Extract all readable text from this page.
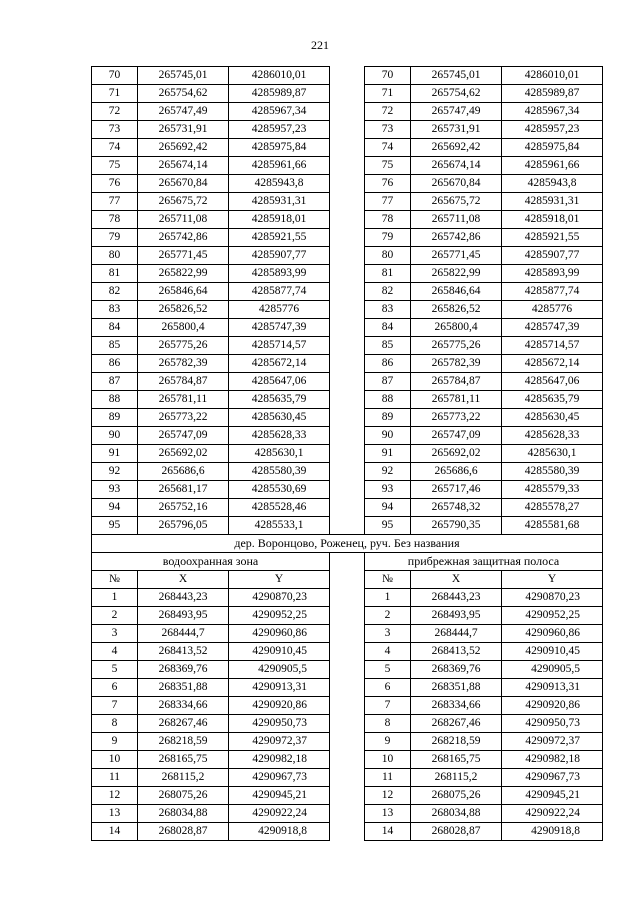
221
70	265745,01	4286010,01		70	265745,01	4286010,01
71	265754,62	4285989,87		71	265754,62	4285989,87
72	265747,49	4285967,34		72	265747,49	4285967,34
73	265731,91	4285957,23		73	265731,91	4285957,23
74	265692,42	4285975,84		74	265692,42	4285975,84
75	265674,14	4285961,66		75	265674,14	4285961,66
76	265670,84	4285943,8		76	265670,84	4285943,8
77	265675,72	4285931,31		77	265675,72	4285931,31
78	265711,08	4285918,01		78	265711,08	4285918,01
79	265742,86	4285921,55		79	265742,86	4285921,55
80	265771,45	4285907,77		80	265771,45	4285907,77
81	265822,99	4285893,99		81	265822,99	4285893,99
82	265846,64	4285877,74		82	265846,64	4285877,74
83	265826,52	4285776		83	265826,52	4285776
84	265800,4	4285747,39		84	265800,4	4285747,39
85	265775,26	4285714,57		85	265775,26	4285714,57
86	265782,39	4285672,14		86	265782,39	4285672,14
87	265784,87	4285647,06		87	265784,87	4285647,06
88	265781,11	4285635,79		88	265781,11	4285635,79
89	265773,22	4285630,45		89	265773,22	4285630,45
90	265747,09	4285628,33		90	265747,09	4285628,33
91	265692,02	4285630,1		91	265692,02	4285630,1
92	265686,6	4285580,39		92	265686,6	4285580,39
93	265681,17	4285530,69		93	265717,46	4285579,33
94	265752,16	4285528,46		94	265748,32	4285578,27
95	265796,05	4285533,1		95	265790,35	4285581,68
дер. Воронцово, Роженец, руч. Без названия						
водоохранная зона				прибрежная защитная полоса		
№	X	Y		№	X	Y
1	268443,23	4290870,23		1	268443,23	4290870,23
2	268493,95	4290952,25		2	268493,95	4290952,25
3	268444,7	4290960,86		3	268444,7	4290960,86
4	268413,52	4290910,45		4	268413,52	4290910,45
5	268369,76	4290905,5		5	268369,76	4290905,5
6	268351,88	4290913,31		6	268351,88	4290913,31
7	268334,66	4290920,86		7	268334,66	4290920,86
8	268267,46	4290950,73		8	268267,46	4290950,73
9	268218,59	4290972,37		9	268218,59	4290972,37
10	268165,75	4290982,18		10	268165,75	4290982,18
11	268115,2	4290967,73		11	268115,2	4290967,73
12	268075,26	4290945,21		12	268075,26	4290945,21
13	268034,88	4290922,24		13	268034,88	4290922,24
14	268028,87	4290918,8		14	268028,87	4290918,8
